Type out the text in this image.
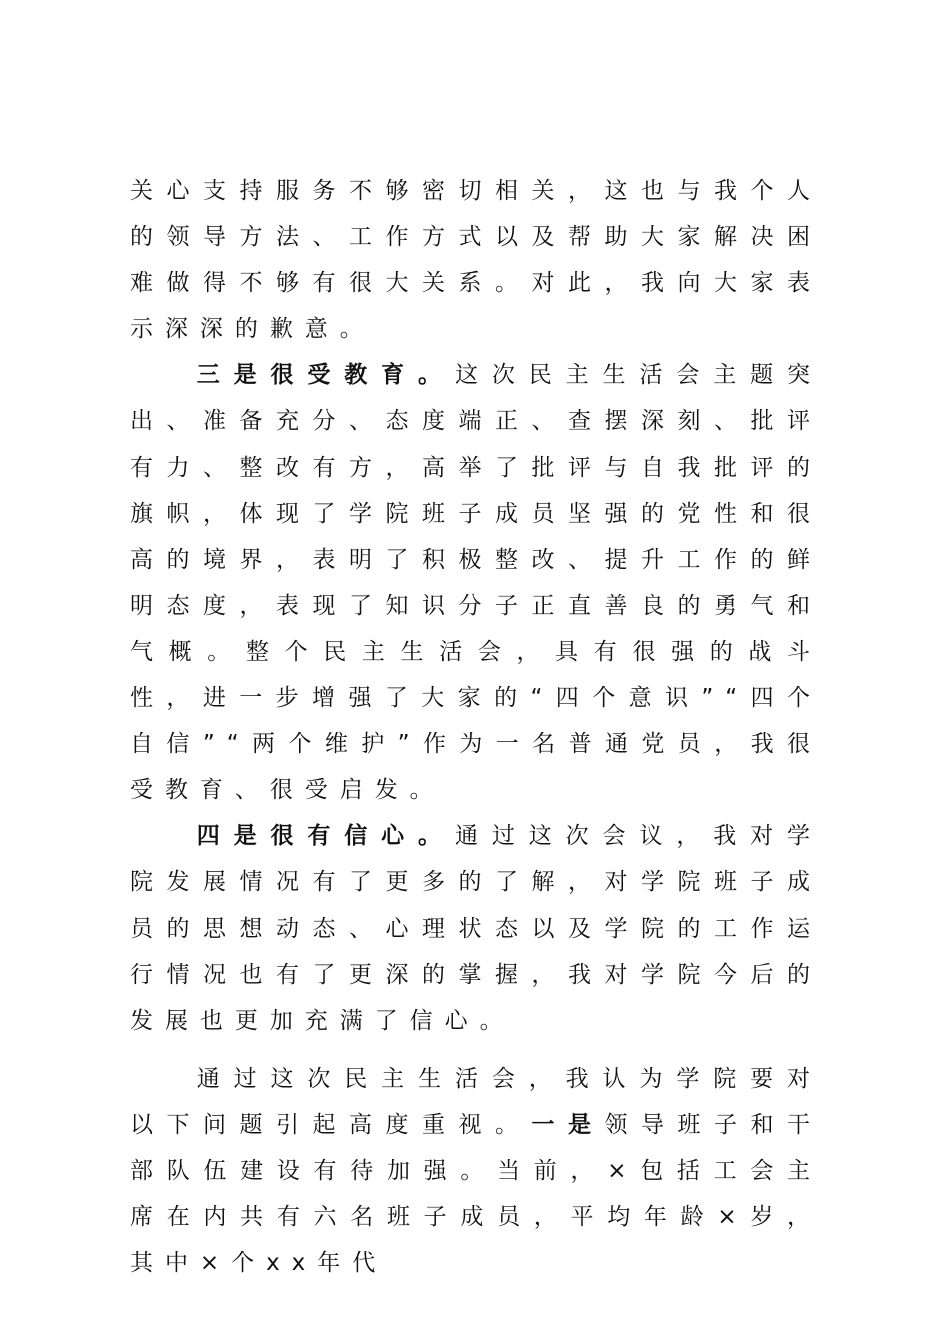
关心支持服务不够密切相关，这也与我个人的领导方法、工作方式以及帮助大家解决困难做得不够有很大关系。对此，我向大家表示深深的歉意。

三是很受教育。这次民主生活会主题突出、准备充分、态度端正、查摆深刻、批评有力、整改有方，高举了批评与自我批评的旗帜，体现了学院班子成员坚强的党性和很高的境界，表明了积极整改、提升工作的鲜明态度，表现了知识分子正直善良的勇气和气概。整个民主生活会，具有很强的战斗性，进一步增强了大家的“四个意识”“四个自信”“两个维护”作为一名普通党员，我很受教育、很受启发。

四是很有信心。通过这次会议，我对学院发展情况有了更多的了解，对学院班子成员的思想动态、心理状态以及学院的工作运行情况也有了更深的掌握，我对学院今后的发展也更加充满了信心。

通过这次民主生活会，我认为学院要对以下问题引起高度重视。一是领导班子和干部队伍建设有待加强。当前，×包括工会主席在内共有六名班子成员，平均年龄×岁，其中×个xx年代
